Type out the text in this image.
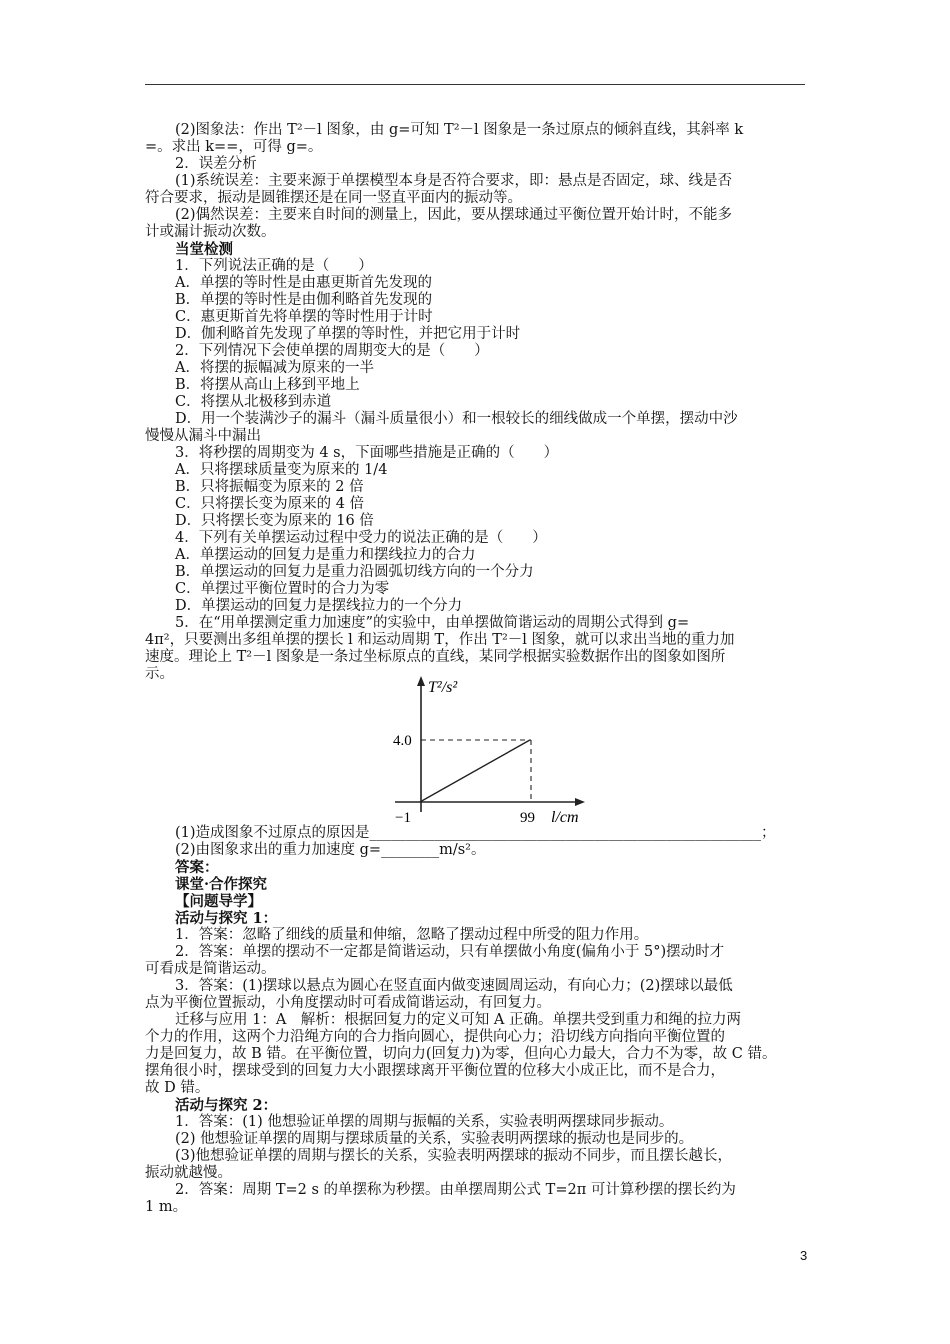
(2)图象法：作出 T²－l 图象，由 g=可知 T²－l 图象是一条过原点的倾斜直线，其斜率 k
=。求出 k==，可得 g=。
2．误差分析
(1)系统误差：主要来源于单摆模型本身是否符合要求，即：悬点是否固定，球、线是否
符合要求，振动是圆锥摆还是在同一竖直平面内的振动等。
(2)偶然误差：主要来自时间的测量上，因此，要从摆球通过平衡位置开始计时，不能多
计或漏计振动次数。
当堂检测
1．下列说法正确的是（　　）
A．单摆的等时性是由惠更斯首先发现的
B．单摆的等时性是由伽利略首先发现的
C．惠更斯首先将单摆的等时性用于计时
D．伽利略首先发现了单摆的等时性，并把它用于计时
2．下列情况下会使单摆的周期变大的是（　　）
A．将摆的振幅减为原来的一半
B．将摆从高山上移到平地上
C．将摆从北极移到赤道
D．用一个装满沙子的漏斗（漏斗质量很小）和一根较长的细线做成一个单摆，摆动中沙
慢慢从漏斗中漏出
3．将秒摆的周期变为 4 s，下面哪些措施是正确的（　　）
A．只将摆球质量变为原来的 1/4
B．只将振幅变为原来的 2 倍
C．只将摆长变为原来的 4 倍
D．只将摆长变为原来的 16 倍
4．下列有关单摆运动过程中受力的说法正确的是（　　）
A．单摆运动的回复力是重力和摆线拉力的合力
B．单摆运动的回复力是重力沿圆弧切线方向的一个分力
C．单摆过平衡位置时的合力为零
D．单摆运动的回复力是摆线拉力的一个分力
5．在“用单摆测定重力加速度”的实验中，由单摆做简谐运动的周期公式得到 g=
4π²，只要测出多组单摆的摆长 l 和运动周期 T，作出 T²－l 图象，就可以求出当地的重力加
速度。理论上 T²－l 图象是一条过坐标原点的直线，某同学根据实验数据作出的图象如图所
示。
(1)造成图象不过原点的原因是______________________________________________________；
(2)由图象求出的重力加速度 g=________m/s²。
答案：
课堂·合作探究
【问题导学】
活动与探究 1：
1．答案：忽略了细线的质量和伸缩，忽略了摆动过程中所受的阻力作用。
2．答案：单摆的摆动不一定都是简谐运动，只有单摆做小角度(偏角小于 5°)摆动时才
可看成是简谐运动。
3．答案：(1)摆球以悬点为圆心在竖直面内做变速圆周运动，有向心力；(2)摆球以最低
点为平衡位置振动，小角度摆动时可看成简谐运动，有回复力。
迁移与应用 1：A　解析：根据回复力的定义可知 A 正确。单摆共受到重力和绳的拉力两
个力的作用，这两个力沿绳方向的合力指向圆心，提供向心力；沿切线方向指向平衡位置的
力是回复力，故 B 错。在平衡位置，切向力(回复力)为零，但向心力最大，合力不为零，故 C 错。
摆角很小时，摆球受到的回复力大小跟摆球离开平衡位置的位移大小成正比，而不是合力，
故 D 错。
活动与探究 2：
1．答案：(1) 他想验证单摆的周期与振幅的关系，实验表明两摆球同步振动。
(2) 他想验证单摆的周期与摆球质量的关系，实验表明两摆球的振动也是同步的。
(3)他想验证单摆的周期与摆长的关系，实验表明两摆球的振动不同步，而且摆长越长，
振动就越慢。
2．答案：周期 T=2 s 的单摆称为秒摆。由单摆周期公式 T=2π 可计算秒摆的摆长约为
1 m。
T²/s²
4.0
−1	99 l/cm
3
